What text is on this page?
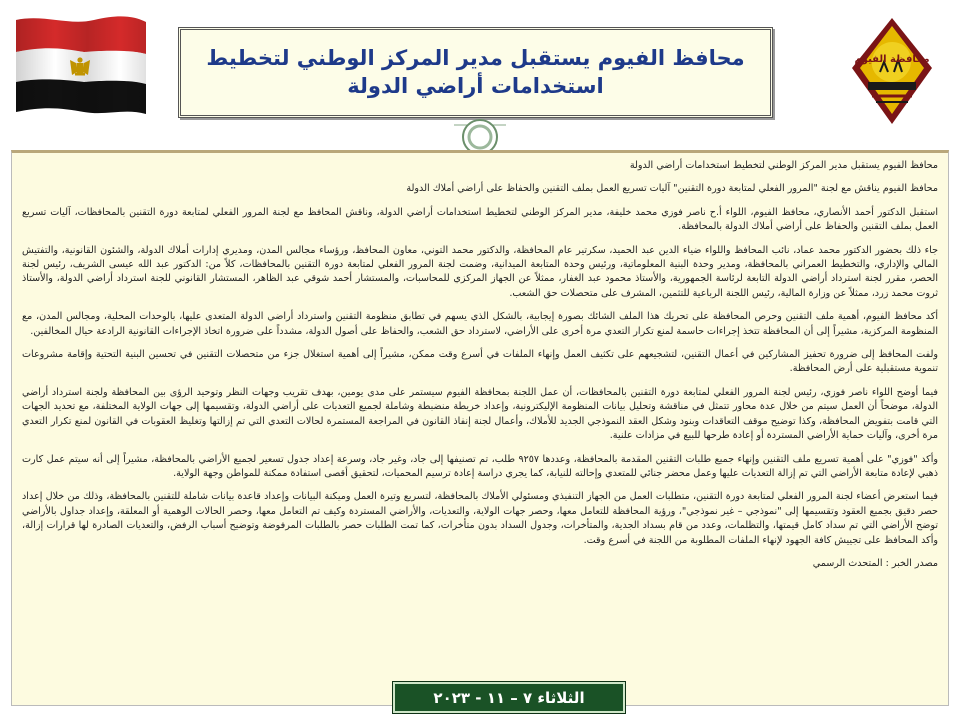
محافظة الفيوم
محافظ الفيوم يستقبل مدير المركز الوطني لتخطيط استخدامات أراضي الدولة

محافظ الفيوم يستقبل مدير المركز الوطني لتخطيط استخدامات أراضي الدولة

محافظ الفيوم يناقش مع لجنة "المرور الفعلي لمتابعة دورة التقنين" آليات تسريع العمل بملف التقنين والحفاظ على أراضي أملاك الدولة

استقبل الدكتور أحمد الأنصاري، محافظ الفيوم، اللواء أ.ح ناصر فوزي محمد خليفة، مدير المركز الوطني لتخطيط استخدامات أراضي الدولة، وناقش المحافظ مع لجنة المرور الفعلي لمتابعة دورة التقنين بالمحافظات، آليات تسريع العمل بملف التقنين والحفاظ على أراضي أملاك الدولة بالمحافظة.

جاء ذلك بحضور الدكتور محمد عماد، نائب المحافظ واللواء ضياء الدين عبد الحميد، سكرتير عام المحافظة، والدكتور محمد التوني، معاون المحافظ، ورؤساء مجالس المدن، ومديري إدارات أملاك الدولة، والشئون القانونية، والتفتيش المالي والإداري، والتخطيط العمراني بالمحافظة، ومدير وحدة البنية المعلوماتية، ورئيس وحدة المتابعة الميدانية، وضمت لجنة المرور الفعلي لمتابعة دورة التقنين بالمحافظات، كلاً من: الدكتور عبد الله عيسى الشريف، رئيس لجنة الحصر، مقرر لجنة استرداد أراضي الدولة التابعة لرئاسة الجمهورية، والأستاذ محمود عبد الغفار، ممثلاً عن الجهاز المركزي للمحاسبات، والمستشار أحمد شوقي عبد الظاهر، المستشار القانوني للجنة استرداد أراضي الدولة، والأستاذ ثروت محمد زرد، ممثلاً عن وزارة المالية، رئيس اللجنة الرباعية للتثمين، المشرف على متحصلات حق الشعب.

أكد محافظ الفيوم، أهمية ملف التقنين وحرص المحافظة على تحريك هذا الملف الشائك بصورة إيجابية، بالشكل الذي يسهم في تطابق منظومة التقنين واسترداد أراضي الدولة المتعدى عليها، بالوحدات المحلية، ومجالس المدن، مع المنظومة المركزية، مشيراً إلى أن المحافظة تتخذ إجراءات حاسمة لمنع تكرار التعدي مرة أخرى على الأراضي، لاسترداد حق الشعب، والحفاظ على أصول الدولة، مشدداً على ضرورة اتخاذ الإجراءات القانونية الرادعة حيال المخالفين.

ولفت المحافظ إلى ضرورة تحفيز المشاركين في أعمال التقنين، لتشجيعهم على تكثيف العمل وإنهاء الملفات في أسرع وقت ممكن، مشيراً إلى أهمية استغلال جزء من متحصلات التقنين في تحسين البنية التحتية وإقامة مشروعات تنموية مستقبلية على أرض المحافظة.

فيما أوضح اللواء ناصر فوزي، رئيس لجنة المرور الفعلي لمتابعة دورة التقنين بالمحافظات، أن عمل اللجنة بمحافظة الفيوم سيستمر على مدى يومين، بهدف تقريب وجهات النظر وتوحيد الرؤى بين المحافظة ولجنة استرداد أراضي الدولة، موضحاً أن العمل سيتم من خلال عدة محاور تتمثل في مناقشة وتحليل بيانات المنظومة الإليكترونية، وإعداد خريطة منضبطة وشاملة لجميع التعديات على أراضي الدولة، وتقسيمها إلى جهات الولاية المختلفة، مع تحديد الجهات التي قامت بتفويض المحافظة، وكذا توضيح موقف التعاقدات وبنود وشكل العقد النموذجي الجديد للأملاك، وأعمال لجنة إنفاذ القانون في المراجعة المستمرة لحالات التعدي التي تم إزالتها وتغليظ العقوبات في القانون لمنع تكرار التعدي مرة أخرى، وآليات حماية الأراضي المستردة أو إعادة طرحها للبيع في مزادات علنية.

وأكد "فوزي" على أهمية تسريع ملف التقنين وإنهاء جميع طلبات التقنين المقدمة بالمحافظة، وعددها ٩٢٥٧ طلب، تم تصنيفها إلى جاد، وغير جاد، وسرعة إعداد جدول تسعير لجميع الأراضي بالمحافظة، مشيراً إلى أنه سيتم عمل كارت ذهبي لإعادة متابعة الأراضي التي تم إزالة التعديات عليها وعمل محضر جنائي للمتعدي وإحالته للنيابة، كما يجري دراسة إعادة ترسيم المحميات، لتحقيق أقصى استفادة ممكنة للمواطن وجهة الولاية.

فيما استعرض أعضاء لجنة المرور الفعلي لمتابعة دورة التقنين، متطلبات العمل من الجهاز التنفيذي ومسئولي الأملاك بالمحافظة، لتسريع وتيرة العمل وميكنة البيانات وإعداد قاعدة بيانات شاملة للتقنين بالمحافظة، وذلك من خلال إعداد حصر دقيق بجميع العقود وتقسيمها إلى "نموذجي – غير نموذجي"، ورؤية المحافظة للتعامل معها، وحصر جهات الولاية، والتعديات، والأراضي المستردة وكيف تم التعامل معها، وحصر الحالات الوهمية أو المعلقة، وإعداد جداول بالأراضي توضح الأراضي التي تم سداد كامل قيمتها، والتظلمات، وعدد من قام بسداد الجدية، والمتأخرات، وجدول السداد بدون متأخرات، كما تمت الطلبات حصر بالطلبات المرفوضة وتوضيح أسباب الرفض، والتعديات الصادرة لها قرارات إزالة، وأكد المحافظ على تجييش كافة الجهود لإنهاء الملفات المطلوبة من اللجنة في أسرع وقت.

مصدر الخبر : المتحدث الرسمي

الثلاثاء ٧ – ١١ - ٢٠٢٣
